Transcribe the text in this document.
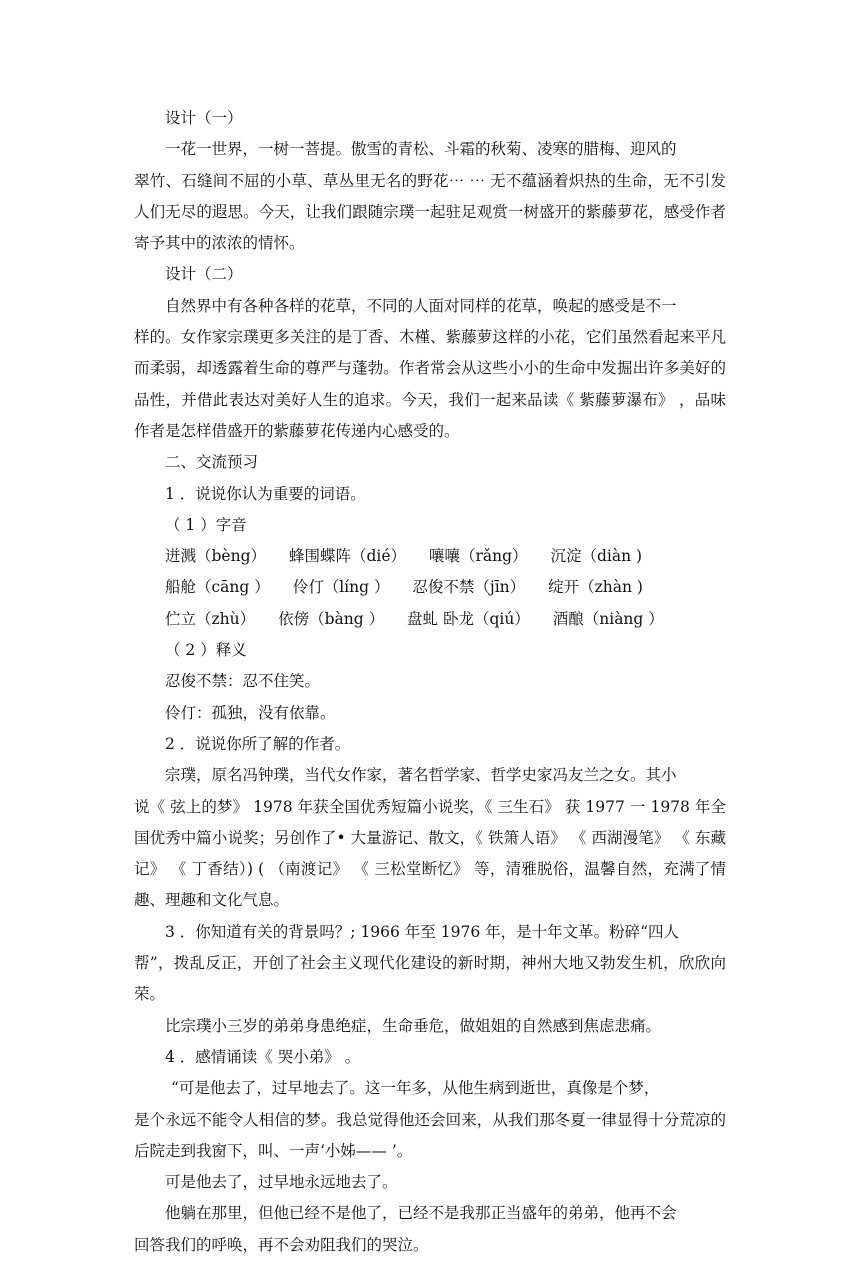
设计（一）

一花一世界，一树一菩提。傲雪的青松、斗霜的秋菊、凌寒的腊梅、迎风的

翠竹、石缝间不屈的小草、草丛里无名的野花⋯ ⋯ 无不蕴涵着炽热的生命，无不引发人们无尽的遐思。今天，让我们跟随宗璞一起驻足观赏一树盛开的紫藤萝花，感受作者寄予其中的浓浓的情怀。

设计（二）

自然界中有各种各样的花草，不同的人面对同样的花草，唤起的感受是不一

样的。女作家宗璞更多关注的是丁香、木槿、紫藤萝这样的小花，它们虽然看起来平凡而柔弱，却透露着生命的尊严与蓬勃。作者常会从这些小小的生命中发掘出许多美好的品性，并借此表达对美好人生的追求。今天，我们一起来品读《 紫藤萝瀑布》 ，品味作者是怎样借盛开的紫藤萝花传递内心感受的。

二、交流预习

1 ．说说你认为重要的词语。

（ 1 ）字音

迸溅（bèng） 蜂围蝶阵（dié） 嚷嚷（rǎng） 沉淀（diàn )

船舱（cāng ） 伶仃（líng ） 忍俊不禁（jīn） 绽开（zhàn )

伫立（zhù） 依傍（bàng ） 盘虬 卧龙（qiú） 酒酿（niàng ）

（ 2 ）释义

忍俊不禁：忍不住笑。

伶仃：孤独，没有依靠。

2 ．说说你所了解的作者。

宗璞，原名冯钟璞，当代女作家，著名哲学家、哲学史家冯友兰之女。其小

说《 弦上的梦》 1978 年获全国优秀短篇小说奖，《 三生石》 获 1977 一 1978 年全国优秀中篇小说奖；另创作了• 大量游记、散文，《 铁箫人语》 《 西湖漫笔》 《 东藏记》 《 丁香结）) ( （南渡记》 《 三松堂断忆》 等，清雅脱俗，温馨自然，充满了情趣、理趣和文化气息。

3 ．你知道有关的背景吗？; 1966 年至 1976 年，是十年文革。粉碎“四人

帮”，拨乱反正，开创了社会主义现代化建设的新时期，神州大地又勃发生机，欣欣向荣。

比宗璞小三岁的弟弟身患绝症，生命垂危，做姐姐的自然感到焦虑悲痛。

4 ．感情诵读《 哭小弟》 。

“可是他去了，过早地去了。这一年多，从他生病到逝世，真像是个梦，

是个永远不能令人相信的梦。我总觉得他还会回来，从我们那冬夏一律显得十分荒凉的后院走到我窗下，叫、一声‘小姊—— ’。

可是他去了，过早地永远地去了。

他躺在那里，但他已经不是他了，已经不是我那正当盛年的弟弟，他再不会

回答我们的呼唤，再不会劝阻我们的哭泣。
